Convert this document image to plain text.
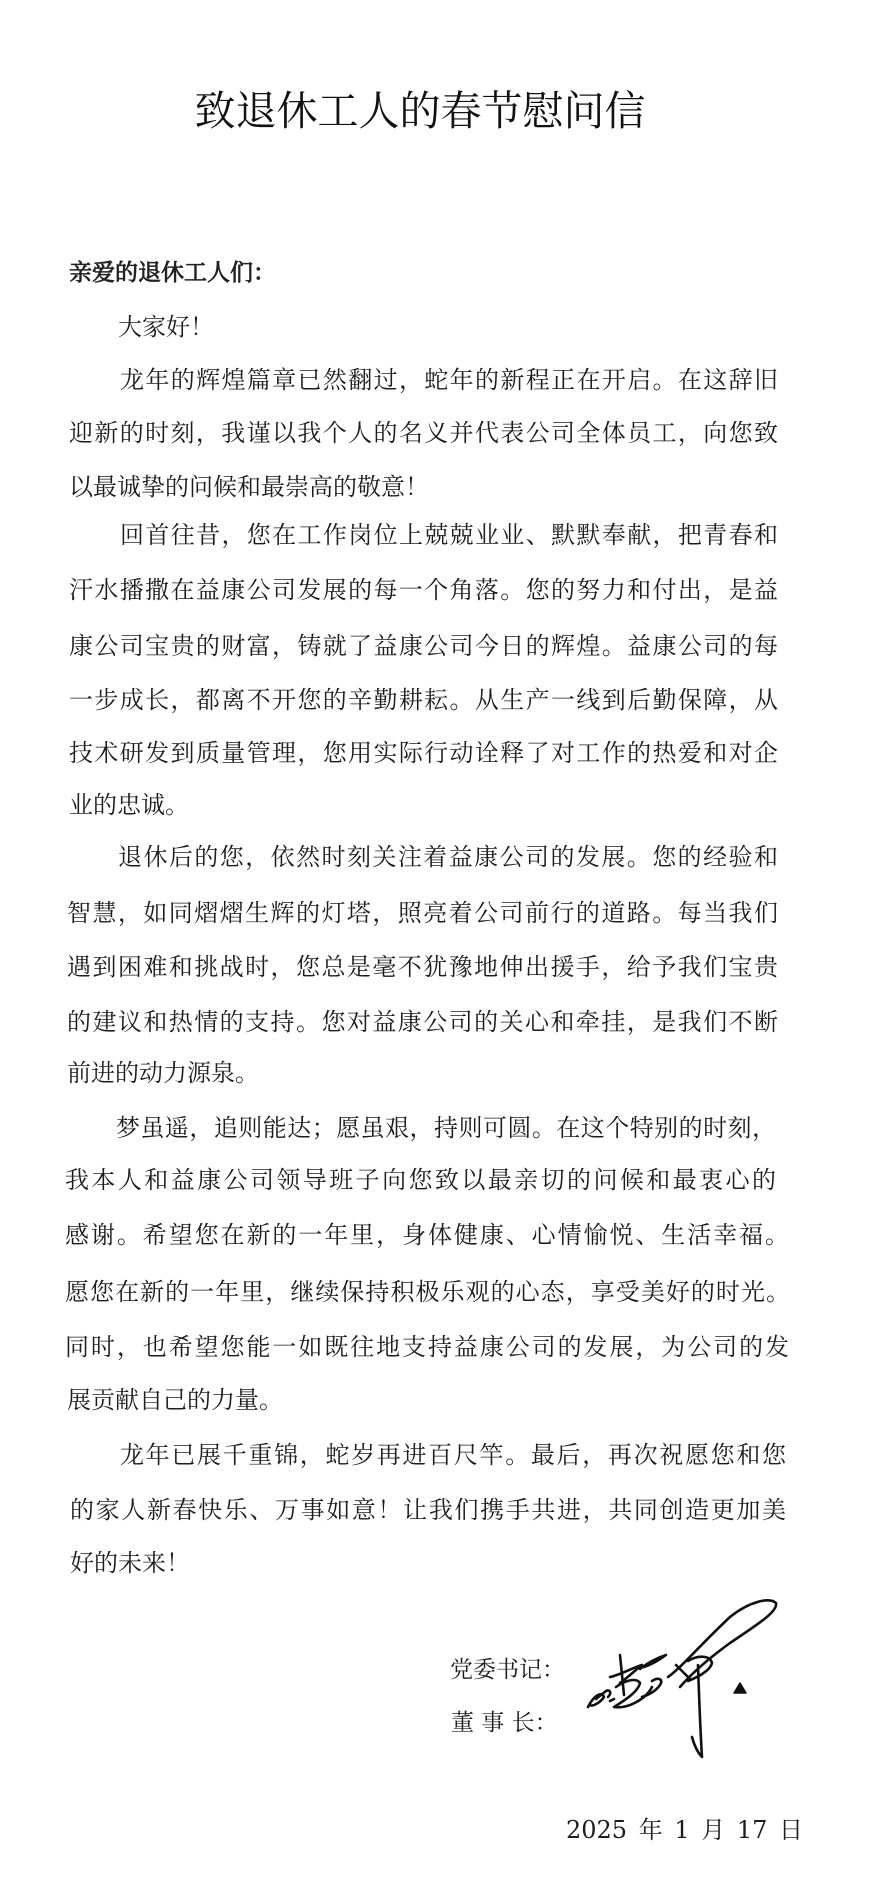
致退休工人的春节慰问信
亲爱的退休工人们：
大家好！
龙年的辉煌篇章已然翻过，蛇年的新程正在开启。在这辞旧
迎新的时刻，我谨以我个人的名义并代表公司全体员工，向您致
以最诚挚的问候和最崇高的敬意！
回首往昔，您在工作岗位上兢兢业业、默默奉献，把青春和
汗水播撒在益康公司发展的每一个角落。您的努力和付出，是益
康公司宝贵的财富，铸就了益康公司今日的辉煌。益康公司的每
一步成长，都离不开您的辛勤耕耘。从生产一线到后勤保障，从
技术研发到质量管理，您用实际行动诠释了对工作的热爱和对企
业的忠诚。
退休后的您，依然时刻关注着益康公司的发展。您的经验和
智慧，如同熠熠生辉的灯塔，照亮着公司前行的道路。每当我们
遇到困难和挑战时，您总是毫不犹豫地伸出援手，给予我们宝贵
的建议和热情的支持。您对益康公司的关心和牵挂，是我们不断
前进的动力源泉。
梦虽遥，追则能达；愿虽艰，持则可圆。在这个特别的时刻，
我本人和益康公司领导班子向您致以最亲切的问候和最衷心的
感谢。希望您在新的一年里，身体健康、心情愉悦、生活幸福。
愿您在新的一年里，继续保持积极乐观的心态，享受美好的时光。
同时，也希望您能一如既往地支持益康公司的发展，为公司的发
展贡献自己的力量。
龙年已展千重锦，蛇岁再进百尺竿。最后，再次祝愿您和您
的家人新春快乐、万事如意！让我们携手共进，共同创造更加美
好的未来！
党委书记：
董 事 长：
2025 年 1 月 17 日
